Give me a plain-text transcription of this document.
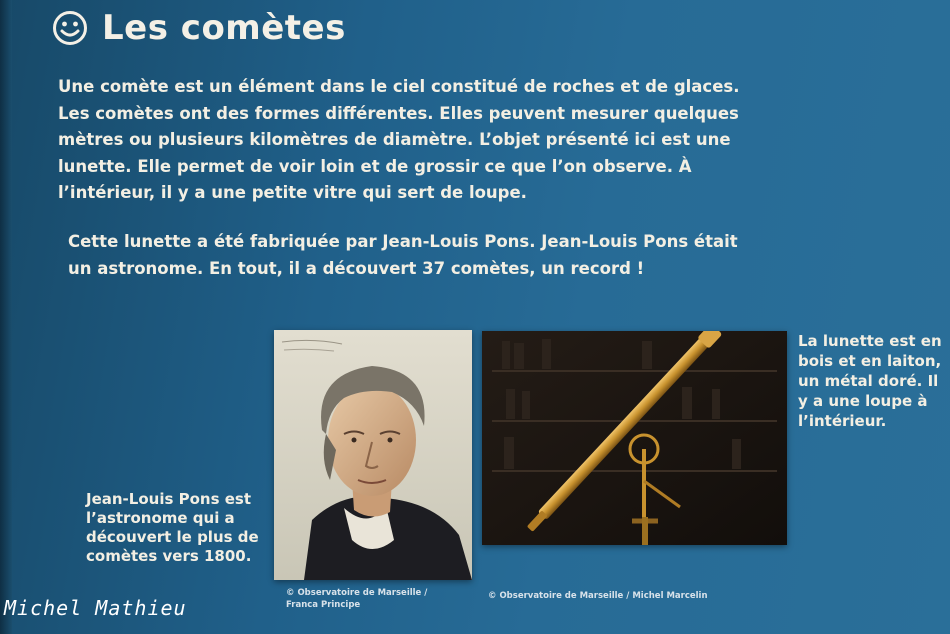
Les comètes

Une comète est un élément dans le ciel constitué de roches et de glaces. Les comètes ont des formes différentes. Elles peuvent mesurer quelques mètres ou plusieurs kilomètres de diamètre. L’objet présenté ici est une lunette. Elle permet de voir loin et de grossir ce que l’on observe. À l’intérieur, il y a une petite vitre qui sert de loupe.

Cette lunette a été fabriquée par Jean-Louis Pons. Jean-Louis Pons était un astronome. En tout, il a découvert 37 comètes, un record !

Jean-Louis Pons est l’astronome qui a découvert le plus de comètes vers 1800.

La lunette est en bois et en laiton, un métal doré. Il y a une loupe à l’intérieur.

© Observatoire de Marseille / Franca Principe

© Observatoire de Marseille / Michel Marcelin

Michel Mathieu
